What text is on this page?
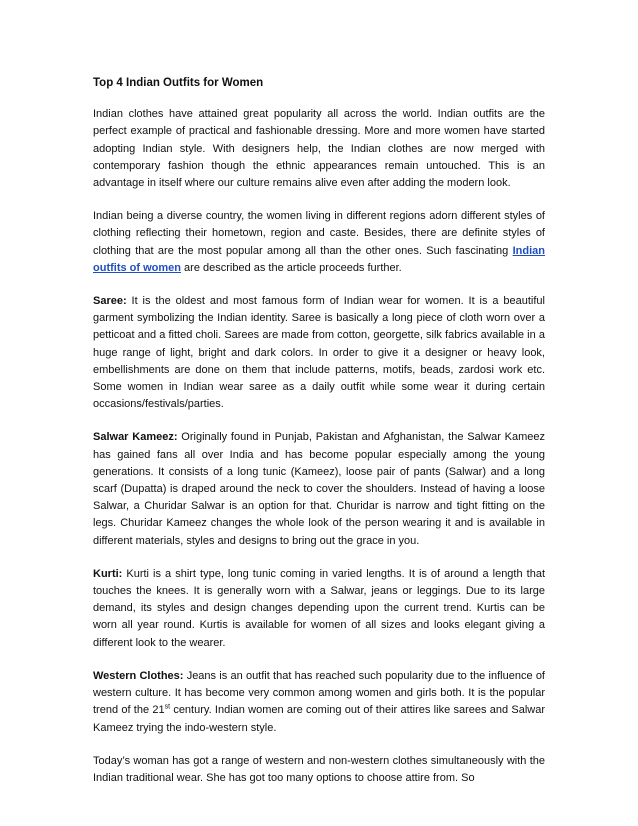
Top 4 Indian Outfits for Women

Indian clothes have attained great popularity all across the world. Indian outfits are the perfect example of practical and fashionable dressing. More and more women have started adopting Indian style. With designers help, the Indian clothes are now merged with contemporary fashion though the ethnic appearances remain untouched. This is an advantage in itself where our culture remains alive even after adding the modern look.

Indian being a diverse country, the women living in different regions adorn different styles of clothing reflecting their hometown, region and caste. Besides, there are definite styles of clothing that are the most popular among all than the other ones. Such fascinating Indian outfits of women are described as the article proceeds further.

Saree: It is the oldest and most famous form of Indian wear for women. It is a beautiful garment symbolizing the Indian identity. Saree is basically a long piece of cloth worn over a petticoat and a fitted choli. Sarees are made from cotton, georgette, silk fabrics available in a huge range of light, bright and dark colors. In order to give it a designer or heavy look, embellishments are done on them that include patterns, motifs, beads, zardosi work etc. Some women in Indian wear saree as a daily outfit while some wear it during certain occasions/festivals/parties.

Salwar Kameez: Originally found in Punjab, Pakistan and Afghanistan, the Salwar Kameez has gained fans all over India and has become popular especially among the young generations. It consists of a long tunic (Kameez), loose pair of pants (Salwar) and a long scarf (Dupatta) is draped around the neck to cover the shoulders. Instead of having a loose Salwar, a Churidar Salwar is an option for that. Churidar is narrow and tight fitting on the legs. Churidar Kameez changes the whole look of the person wearing it and is available in different materials, styles and designs to bring out the grace in you.

Kurti: Kurti is a shirt type, long tunic coming in varied lengths. It is of around a length that touches the knees. It is generally worn with a Salwar, jeans or leggings. Due to its large demand, its styles and design changes depending upon the current trend. Kurtis can be worn all year round. Kurtis is available for women of all sizes and looks elegant giving a different look to the wearer.

Western Clothes: Jeans is an outfit that has reached such popularity due to the influence of western culture. It has become very common among women and girls both. It is the popular trend of the 21st century. Indian women are coming out of their attires like sarees and Salwar Kameez trying the indo-western style.

Today’s woman has got a range of western and non-western clothes simultaneously with the Indian traditional wear. She has got too many options to choose attire from. So
